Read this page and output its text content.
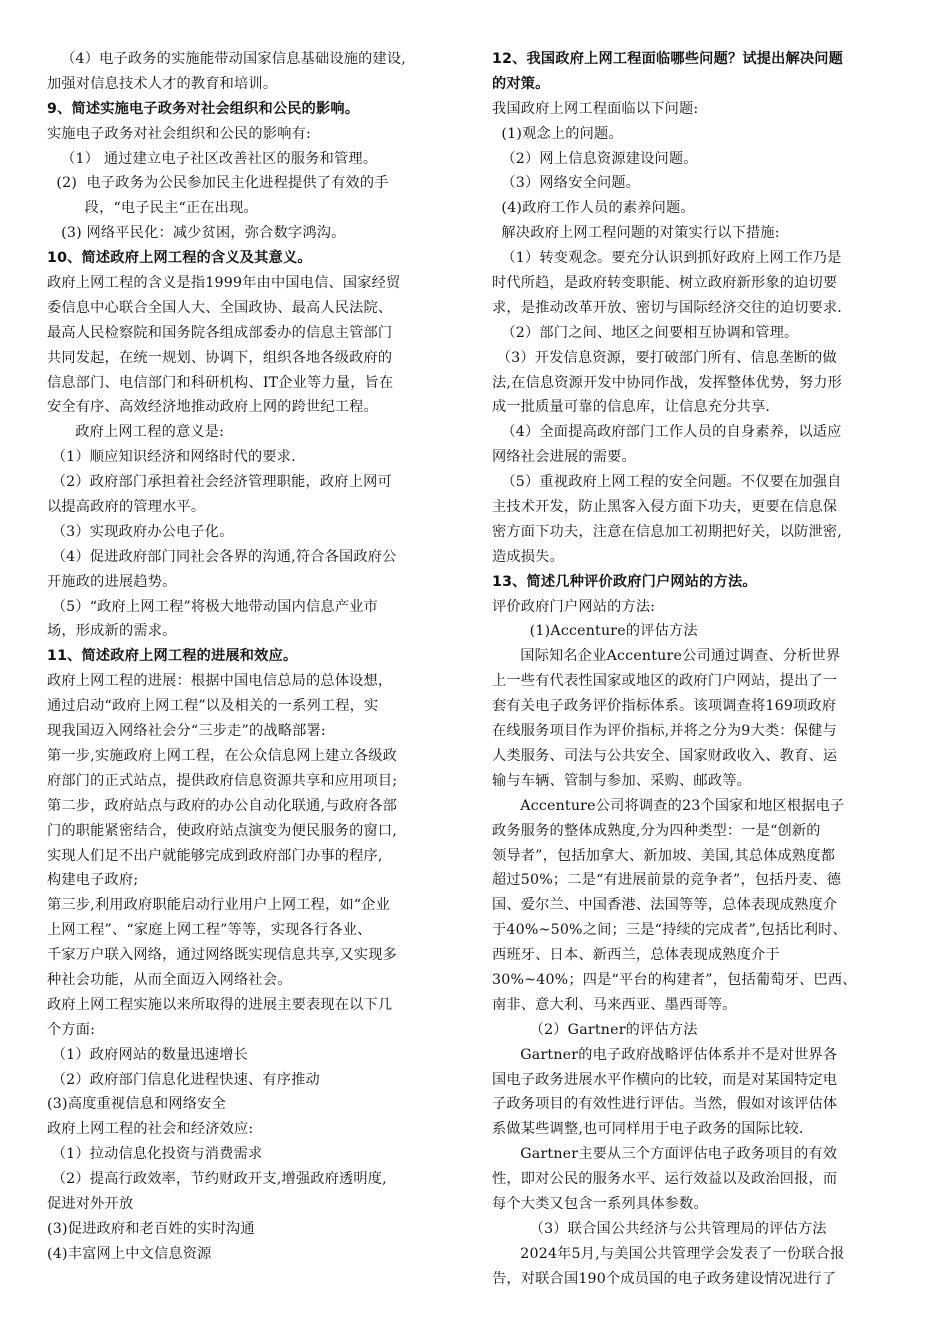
（4）电子政务的实施能带动国家信息基础设施的建设,
加强对信息技术人才的教育和培训。
9、简述实施电子政务对社会组织和公民的影响。
实施电子政务对社会组织和公民的影响有:
（1） 通过建立电子社区改善社区的服务和管理。
(2)  电子政务为公民参加民主化进程提供了有效的手
段，“电子民主“正在出现。
(3) 网络平民化：减少贫困，弥合数字鸿沟。
10、简述政府上网工程的含义及其意义。
政府上网工程的含义是指1999年由中国电信、国家经贸
委信息中心联合全国人大、全国政协、最高人民法院、
最高人民检察院和国务院各组成部委办的信息主管部门
共同发起，在统一规划、协调下，组织各地各级政府的
信息部门、电信部门和科研机构、IT企业等力量，旨在
安全有序、高效经济地推动政府上网的跨世纪工程。
政府上网工程的意义是:
（1）顺应知识经济和网络时代的要求.
（2）政府部门承担着社会经济管理职能，政府上网可
以提高政府的管理水平。
（3）实现政府办公电子化。
（4）促进政府部门同社会各界的沟通,符合各国政府公
开施政的进展趋势。
（5）“政府上网工程”将极大地带动国内信息产业市
场，形成新的需求。
11、简述政府上网工程的进展和效应。
政府上网工程的进展：根据中国电信总局的总体设想，
通过启动“政府上网工程”以及相关的一系列工程，实
现我国迈入网络社会分“三步走”的战略部署:
第一步,实施政府上网工程，在公众信息网上建立各级政
府部门的正式站点，提供政府信息资源共享和应用项目;
第二步，政府站点与政府的办公自动化联通,与政府各部
门的职能紧密结合，使政府站点演变为便民服务的窗口,
实现人们足不出户就能够完成到政府部门办事的程序,
构建电子政府;
第三步,利用政府职能启动行业用户上网工程，如“企业
上网工程”、“家庭上网工程”等等，实现各行各业、
千家万户联入网络，通过网络既实现信息共享,又实现多
种社会功能，从而全面迈入网络社会。
政府上网工程实施以来所取得的进展主要表现在以下几
个方面:
（1）政府网站的数量迅速增长
（2）政府部门信息化进程快速、有序推动
(3)高度重视信息和网络安全
政府上网工程的社会和经济效应:
（1）拉动信息化投资与消费需求
（2）提高行政效率，节约财政开支,增强政府透明度,
促进对外开放
(3)促进政府和老百姓的实时沟通
(4)丰富网上中文信息资源
12、我国政府上网工程面临哪些问题？试提出解决问题
的对策。
我国政府上网工程面临以下问题:
(1)观念上的问题。
（2）网上信息资源建设问题。
（3）网络安全问题。
(4)政府工作人员的素养问题。
解决政府上网工程问题的对策实行以下措施:
（1）转变观念。要充分认识到抓好政府上网工作乃是
时代所趋，是政府转变职能、树立政府新形象的迫切要
求，是推动改革开放、密切与国际经济交往的迫切要求.
（2）部门之间、地区之间要相互协调和管理。
（3）开发信息资源，要打破部门所有、信息垄断的做
法,在信息资源开发中协同作战，发挥整体优势，努力形
成一批质量可靠的信息库，让信息充分共享.
（4）全面提高政府部门工作人员的自身素养，以适应
网络社会进展的需要。
（5）重视政府上网工程的安全问题。不仅要在加强自
主技术开发，防止黑客入侵方面下功夫，更要在信息保
密方面下功夫，注意在信息加工初期把好关，以防泄密,
造成损失。
13、简述几种评价政府门户网站的方法。
评价政府门户网站的方法:
(1)Accenture的评估方法
国际知名企业Accenture公司通过调查、分析世界
上一些有代表性国家或地区的政府门户网站，提出了一
套有关电子政务评价指标体系。该项调查将169项政府
在线服务项目作为评价指标,并将之分为9大类：保健与
人类服务、司法与公共安全、国家财政收入、教育、运
输与车辆、管制与参加、采购、邮政等。
Accenture公司将调查的23个国家和地区根据电子
政务服务的整体成熟度,分为四种类型：一是“创新的
领导者”，包括加拿大、新加坡、美国,其总体成熟度都
超过50%；二是“有进展前景的竞争者”，包括丹麦、德
国、爱尔兰、中国香港、法国等等，总体表现成熟度介
于40%~50%之间；三是“持续的完成者”,包括比利时、
西班牙、日本、新西兰，总体表现成熟度介于
30%~40%；四是“平台的构建者”，包括葡萄牙、巴西、
南非、意大利、马来西亚、墨西哥等。
（2）Gartner的评估方法
Gartner的电子政府战略评估体系并不是对世界各
国电子政务进展水平作横向的比较，而是对某国特定电
子政务项目的有效性进行评估。当然，假如对该评估体
系做某些调整,也可同样用于电子政务的国际比较.
Gartner主要从三个方面评估电子政务项目的有效
性，即对公民的服务水平、运行效益以及政治回报，而
每个大类又包含一系列具体参数。
（3）联合国公共经济与公共管理局的评估方法
2024年5月,与美国公共管理学会发表了一份联合报
告，对联合国190个成员国的电子政务建设情况进行了
